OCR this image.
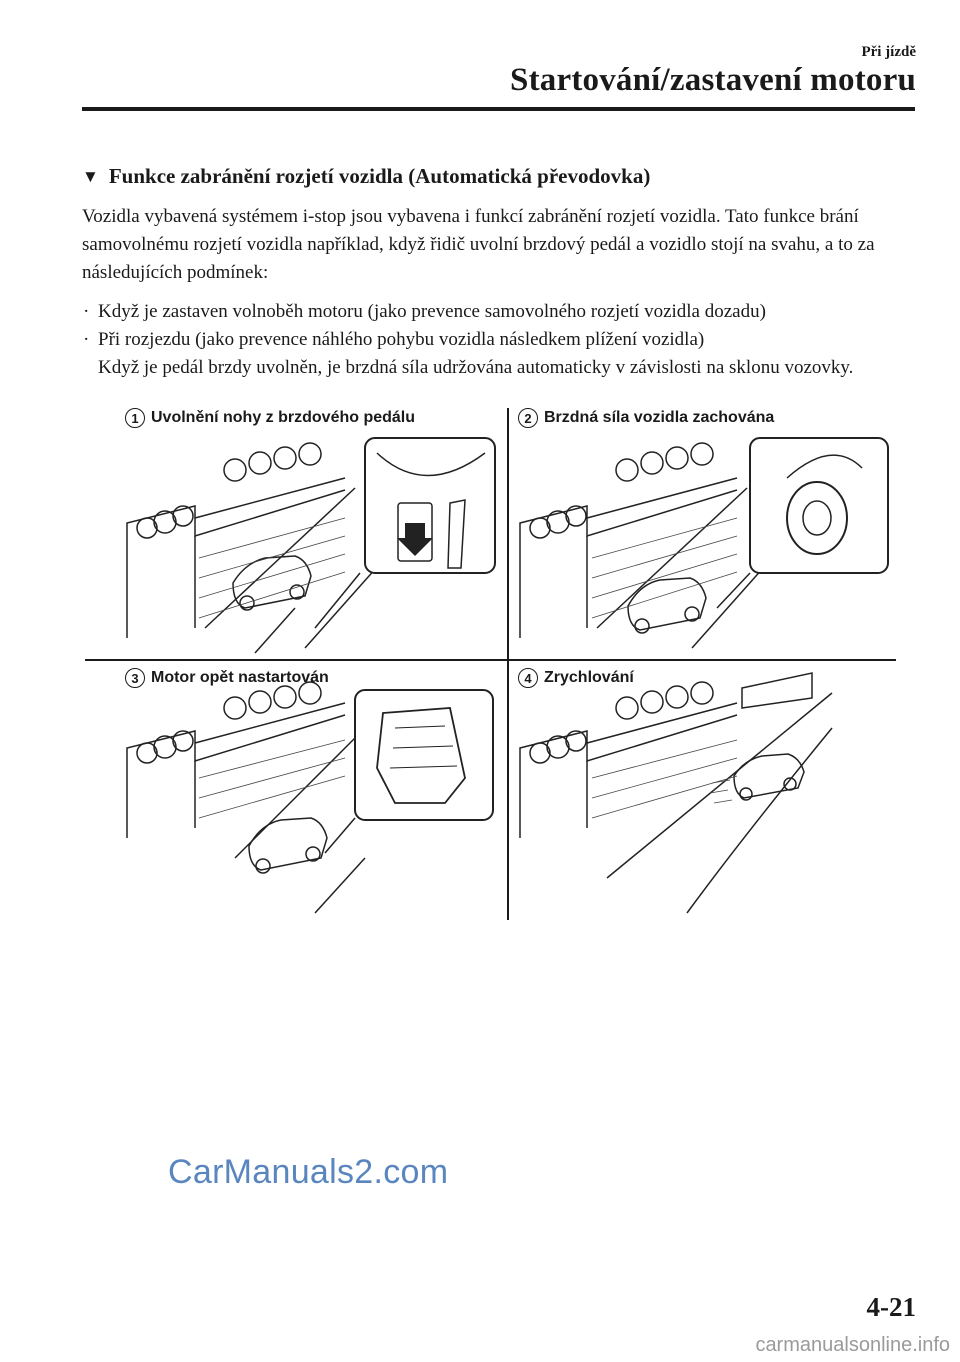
Při jízdě
Startování/zastavení motoru
▼ Funkce zabránění rozjetí vozidla (Automatická převodovka)
Vozidla vybavená systémem i-stop jsou vybavena i funkcí zabránění rozjetí vozidla. Tato funkce brání samovolnému rozjetí vozidla například, když řidič uvolní brzdový pedál a vozidlo stojí na svahu, a to za následujících podmínek:
· Když je zastaven volnoběh motoru (jako prevence samovolného rozjetí vozidla dozadu)
· Při rozjezdu (jako prevence náhlého pohybu vozidla následkem plížení vozidla)
Když je pedál brzdy uvolněn, je brzdná síla udržována automaticky v závislosti na sklonu vozovky.
1 Uvolnění nohy z brzdového pedálu	2 Brzdná síla vozidla zachována
3 Motor opět nastartován	4 Zrychlování
CarManuals2.com
4-21
carmanualsonline.info
